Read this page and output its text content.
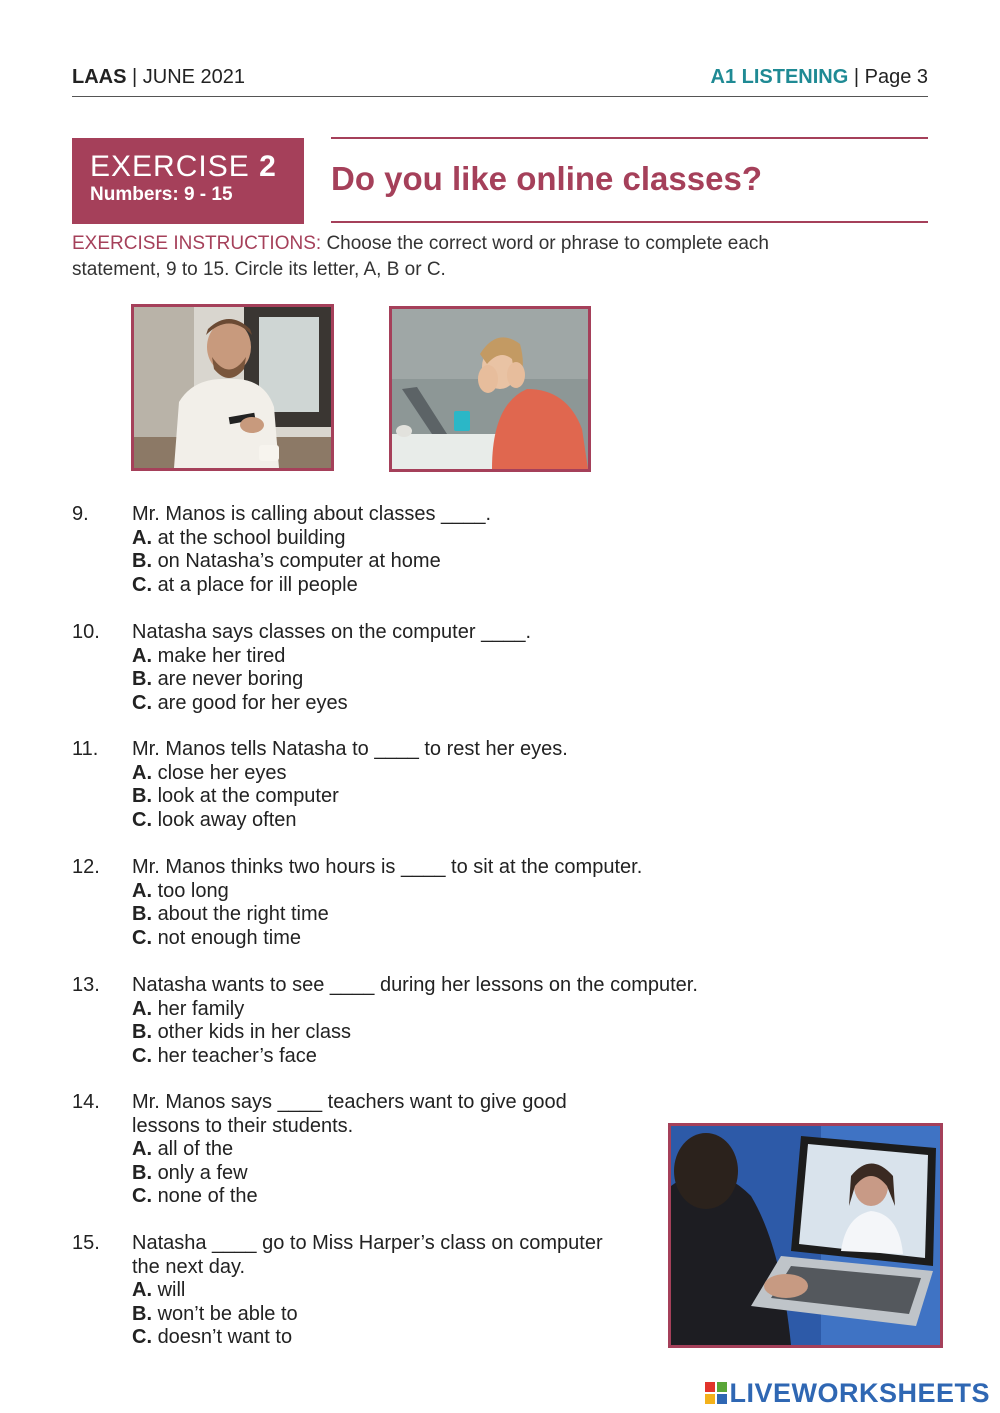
LAAS | JUNE 2021	A1 LISTENING | Page 3
EXERCISE 2
Numbers: 9 - 15	Do you like online classes?
EXERCISE INSTRUCTIONS: Choose the correct word or phrase to complete each
statement, 9 to 15. Circle its letter, A, B or C.
9.	Mr. Manos is calling about classes ____.
A. at the school building
B. on Natasha’s computer at home
C. at a place for ill people
10.	Natasha says classes on the computer ____.
A. make her tired
B. are never boring
C. are good for her eyes
11.	Mr. Manos tells Natasha to ____ to rest her eyes.
A. close her eyes
B. look at the computer
C. look away often
12.	Mr. Manos thinks two hours is ____ to sit at the computer.
A. too long
B. about the right time
C. not enough time
13.	Natasha wants to see ____ during her lessons on the computer.
A. her family
B. other kids in her class
C. her teacher’s face
14.	Mr. Manos says ____ teachers want to give good
lessons to their students.
A. all of the
B. only a few
C. none of the
15.	Natasha ____ go to Miss Harper’s class on computer
the next day.
A. will
B. won’t be able to
C. doesn’t want to
LIVEWORKSHEETS
